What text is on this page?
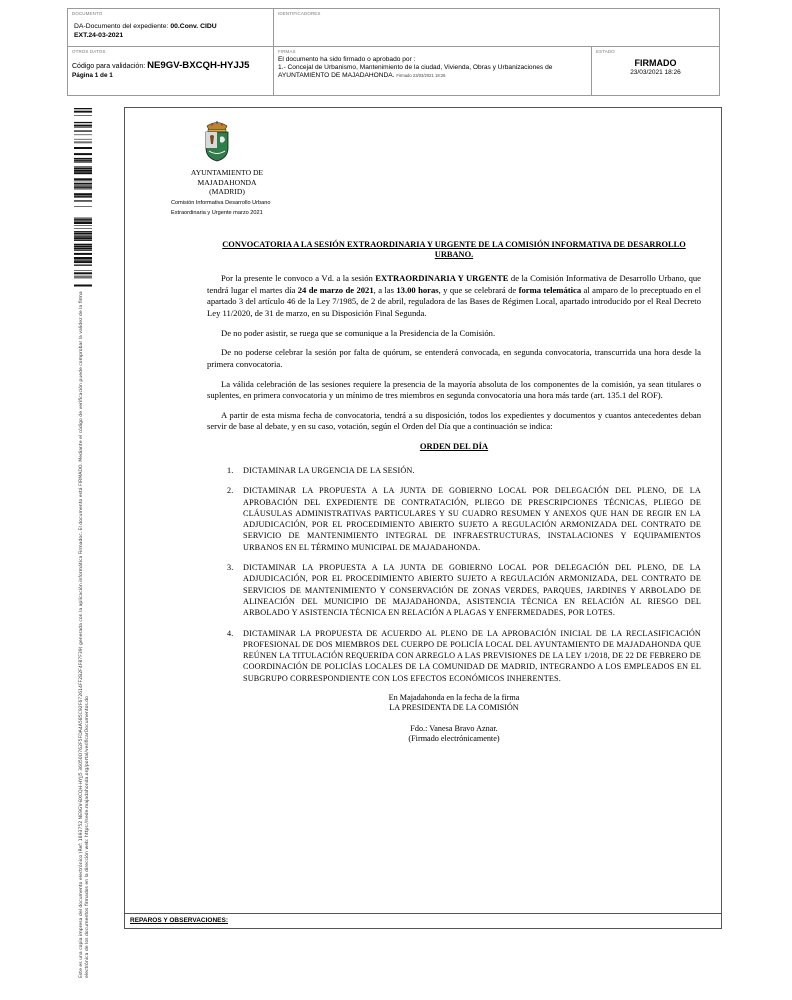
DOCUMENTO
DA-Documento del expediente: 00.Conv. CIDU
EXT.24-03-2021
IDENTIFICADORES
OTROS DATOS
Código para validación: NE9GV-BXCQH-HYJJ5
Página 1 de 1
FIRMAS
El documento ha sido firmado o aprobado por :
1.- Concejal de Urbanismo, Mantenimiento de la ciudad, Vivienda, Obras y Urbanizaciones de AYUNTAMIENTO DE MAJADAHONDA. Firmado 23/03/2021 18:26
ESTADO
FIRMADO
23/03/2021 18:26
Este es una copia impresa del documento electrónico (Ref: 1693752 NE9GV-BXCQH-HYJJ5 36050D762F5FDA4A585C92F672614FF2B2F4F87F39) generada con la aplicación informática Firmadoc. El documento está FIRMADO. Mediante el código de verificación puede comprobar la validez de la firma electrónica de los documentos firmados en la dirección web: https://sede.majadahonda.org/portal/verificarDocumentos.do
AYUNTAMIENTO DE
MAJADAHONDA
(MADRID)
Comisión Informativa Desarrollo Urbano
Extraordinaria y Urgente marzo 2021
CONVOCATORIA A LA SESIÓN EXTRAORDINARIA Y URGENTE DE LA COMISIÓN INFORMATIVA DE DESARROLLO URBANO.
Por la presente le convoco a Vd. a la sesión EXTRAORDINARIA Y URGENTE de la Comisión Informativa de Desarrollo Urbano, que tendrá lugar el martes día 24 de marzo de 2021, a las 13.00 horas, y que se celebrará de forma telemática al amparo de lo preceptuado en el apartado 3 del artículo 46 de la Ley 7/1985, de 2 de abril, reguladora de las Bases de Régimen Local, apartado introducido por el Real Decreto Ley 11/2020, de 31 de marzo, en su Disposición Final Segunda.
De no poder asistir, se ruega que se comunique a la Presidencia de la Comisión.
De no poderse celebrar la sesión por falta de quórum, se entenderá convocada, en segunda convocatoria, transcurrida una hora desde la primera convocatoria.
La válida celebración de las sesiones requiere la presencia de la mayoría absoluta de los componentes de la comisión, ya sean titulares o suplentes, en primera convocatoria y un mínimo de tres miembros en segunda convocatoria una hora más tarde (art. 135.1 del ROF).
A partir de esta misma fecha de convocatoria, tendrá a su disposición, todos los expedientes y documentos y cuantos antecedentes deban servir de base al debate, y en su caso, votación, según el Orden del Día que a continuación se indica:
ORDEN DEL DÍA
1. DICTAMINAR LA URGENCIA DE LA SESIÓN.
2. DICTAMINAR LA PROPUESTA A LA JUNTA DE GOBIERNO LOCAL POR DELEGACIÓN DEL PLENO, DE LA APROBACIÓN DEL EXPEDIENTE DE CONTRATACIÓN, PLIEGO DE PRESCRIPCIONES TÉCNICAS, PLIEGO DE CLÁUSULAS ADMINISTRATIVAS PARTICULARES Y SU CUADRO RESUMEN Y ANEXOS QUE HAN DE REGIR EN LA ADJUDICACIÓN, POR EL PROCEDIMIENTO ABIERTO SUJETO A REGULACIÓN ARMONIZADA DEL CONTRATO DE SERVICIO DE MANTENIMIENTO INTEGRAL DE INFRAESTRUCTURAS, INSTALACIONES Y EQUIPAMIENTOS URBANOS EN EL TÉRMINO MUNICIPAL DE MAJADAHONDA.
3. DICTAMINAR LA PROPUESTA A LA JUNTA DE GOBIERNO LOCAL POR DELEGACIÓN DEL PLENO, DE LA ADJUDICACIÓN, POR EL PROCEDIMIENTO ABIERTO SUJETO A REGULACIÓN ARMONIZADA, DEL CONTRATO DE SERVICIOS DE MANTENIMIENTO Y CONSERVACIÓN DE ZONAS VERDES, PARQUES, JARDINES Y ARBOLADO DE ALINEACIÓN DEL MUNICIPIO DE MAJADAHONDA, ASISTENCIA TÉCNICA EN RELACIÓN AL RIESGO DEL ARBOLADO Y ASISTENCIA TÉCNICA EN RELACIÓN A PLAGAS Y ENFERMEDADES, POR LOTES.
4. DICTAMINAR LA PROPUESTA DE ACUERDO AL PLENO DE LA APROBACIÓN INICIAL DE LA RECLASIFICACIÓN PROFESIONAL DE DOS MIEMBROS DEL CUERPO DE POLICÍA LOCAL DEL AYUNTAMIENTO DE MAJADAHONDA QUE REÚNEN LA TITULACIÓN REQUERIDA CON ARREGLO A LAS PREVISIONES DE LA LEY 1/2018, DE 22 DE FEBRERO DE COORDINACIÓN DE POLICÍAS LOCALES DE LA COMUNIDAD DE MADRID, INTEGRANDO A LOS EMPLEADOS EN EL SUBGRUPO CORRESPONDIENTE CON LOS EFECTOS ECONÓMICOS INHERENTES.
En Majadahonda en la fecha de la firma
LA PRESIDENTA DE LA COMISIÓN
Fdo.: Vanesa Bravo Aznar.
(Firmado electrónicamente)
REPAROS Y OBSERVACIONES:
